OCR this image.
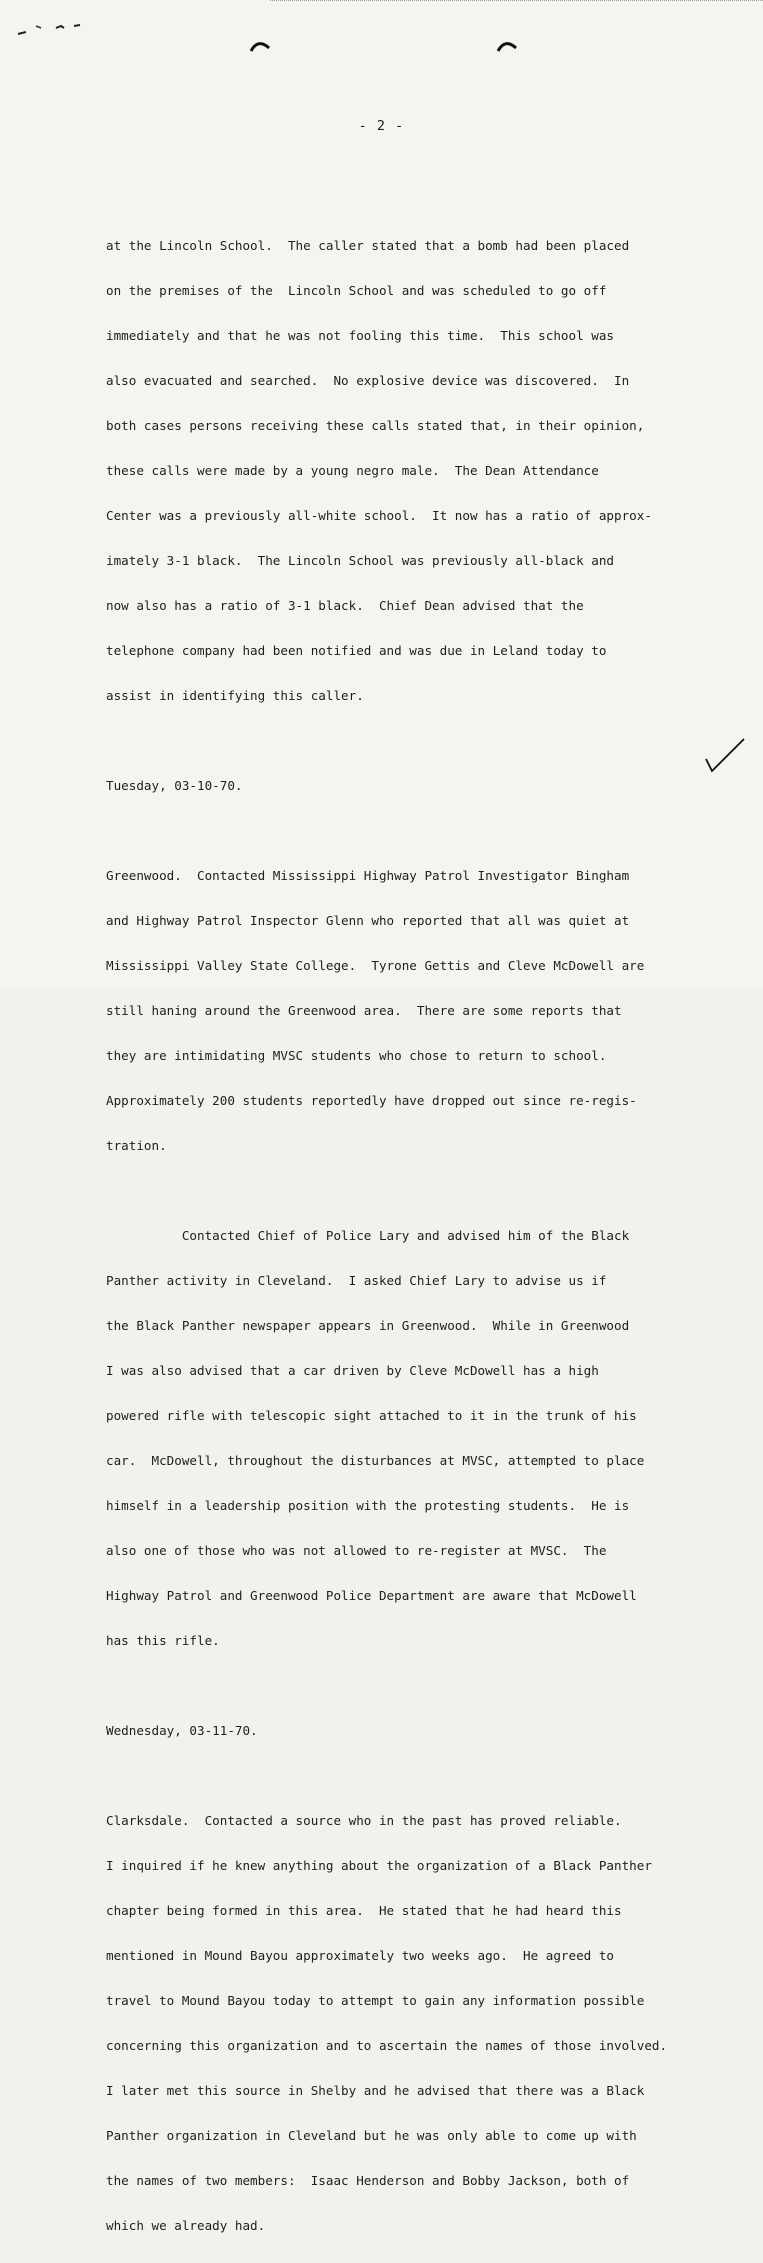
- 2 -

at the Lincoln School.  The caller stated that a bomb had been placed

on the premises of the  Lincoln School and was scheduled to go off

immediately and that he was not fooling this time.  This school was

also evacuated and searched.  No explosive device was discovered.  In

both cases persons receiving these calls stated that, in their opinion,

these calls were made by a young negro male.  The Dean Attendance

Center was a previously all-white school.  It now has a ratio of approx-

imately 3-1 black.  The Lincoln School was previously all-black and

now also has a ratio of 3-1 black.  Chief Dean advised that the

telephone company had been notified and was due in Leland today to

assist in identifying this caller.

Tuesday, 03-10-70.

Greenwood.  Contacted Mississippi Highway Patrol Investigator Bingham

and Highway Patrol Inspector Glenn who reported that all was quiet at

Mississippi Valley State College.  Tyrone Gettis and Cleve McDowell are

still haning around the Greenwood area.  There are some reports that

they are intimidating MVSC students who chose to return to school.

Approximately 200 students reportedly have dropped out since re-regis-

tration.

Contacted Chief of Police Lary and advised him of the Black

Panther activity in Cleveland.  I asked Chief Lary to advise us if

the Black Panther newspaper appears in Greenwood.  While in Greenwood

I was also advised that a car driven by Cleve McDowell has a high

powered rifle with telescopic sight attached to it in the trunk of his

car.  McDowell, throughout the disturbances at MVSC, attempted to place

himself in a leadership position with the protesting students.  He is

also one of those who was not allowed to re-register at MVSC.  The

Highway Patrol and Greenwood Police Department are aware that McDowell

has this rifle.

Wednesday, 03-11-70.

Clarksdale.  Contacted a source who in the past has proved reliable.

I inquired if he knew anything about the organization of a Black Panther

chapter being formed in this area.  He stated that he had heard this

mentioned in Mound Bayou approximately two weeks ago.  He agreed to

travel to Mound Bayou today to attempt to gain any information possible

concerning this organization and to ascertain the names of those involved.

I later met this source in Shelby and he advised that there was a Black

Panther organization in Cleveland but he was only able to come up with

the names of two members:  Isaac Henderson and Bobby Jackson, both of

which we already had.
